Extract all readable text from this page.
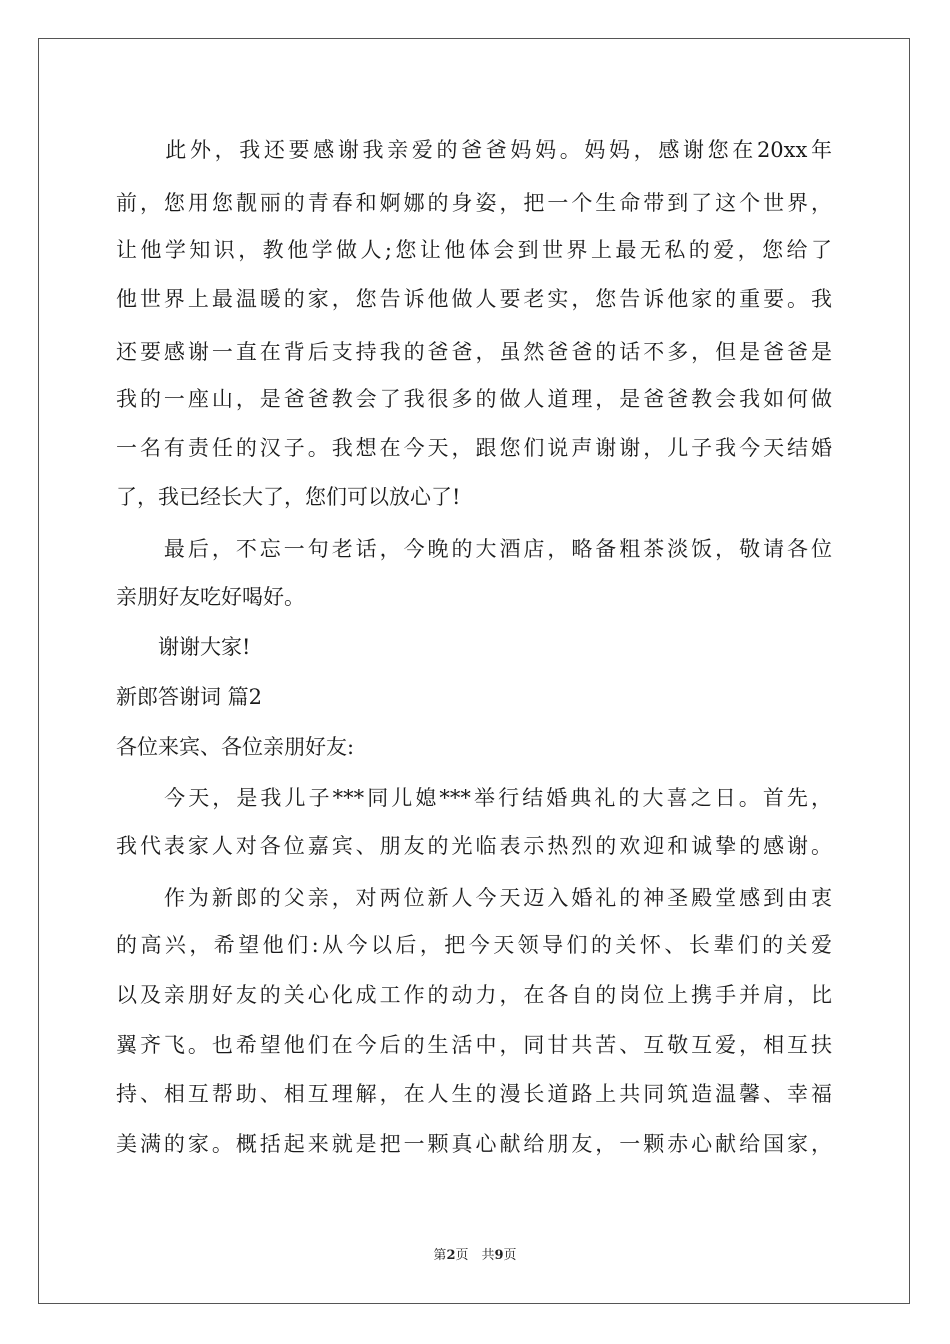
　　此外，我还要感谢我亲爱的爸爸妈妈。妈妈，感谢您在20xx年
前，您用您靓丽的青春和婀娜的身姿，把一个生命带到了这个世界，
让他学知识，教他学做人;您让他体会到世界上最无私的爱，您给了
他世界上最温暖的家，您告诉他做人要老实，您告诉他家的重要。我
还要感谢一直在背后支持我的爸爸，虽然爸爸的话不多，但是爸爸是
我的一座山，是爸爸教会了我很多的做人道理，是爸爸教会我如何做
一名有责任的汉子。我想在今天，跟您们说声谢谢，儿子我今天结婚
了，我已经长大了，您们可以放心了!
　　最后，不忘一句老话，今晚的大酒店，略备粗茶淡饭，敬请各位
亲朋好友吃好喝好。
　　谢谢大家!
新郎答谢词 篇2
各位来宾、各位亲朋好友:
　　今天，是我儿子***同儿媳***举行结婚典礼的大喜之日。首先，
我代表家人对各位嘉宾、朋友的光临表示热烈的欢迎和诚挚的感谢。
　　作为新郎的父亲，对两位新人今天迈入婚礼的神圣殿堂感到由衷
的高兴，希望他们:从今以后，把今天领导们的关怀、长辈们的关爱
以及亲朋好友的关心化成工作的动力，在各自的岗位上携手并肩，比
翼齐飞。也希望他们在今后的生活中，同甘共苦、互敬互爱，相互扶
持、相互帮助、相互理解，在人生的漫长道路上共同筑造温馨、幸福
美满的家。概括起来就是把一颗真心献给朋友，一颗赤心献给国家，
第2页　共9页
